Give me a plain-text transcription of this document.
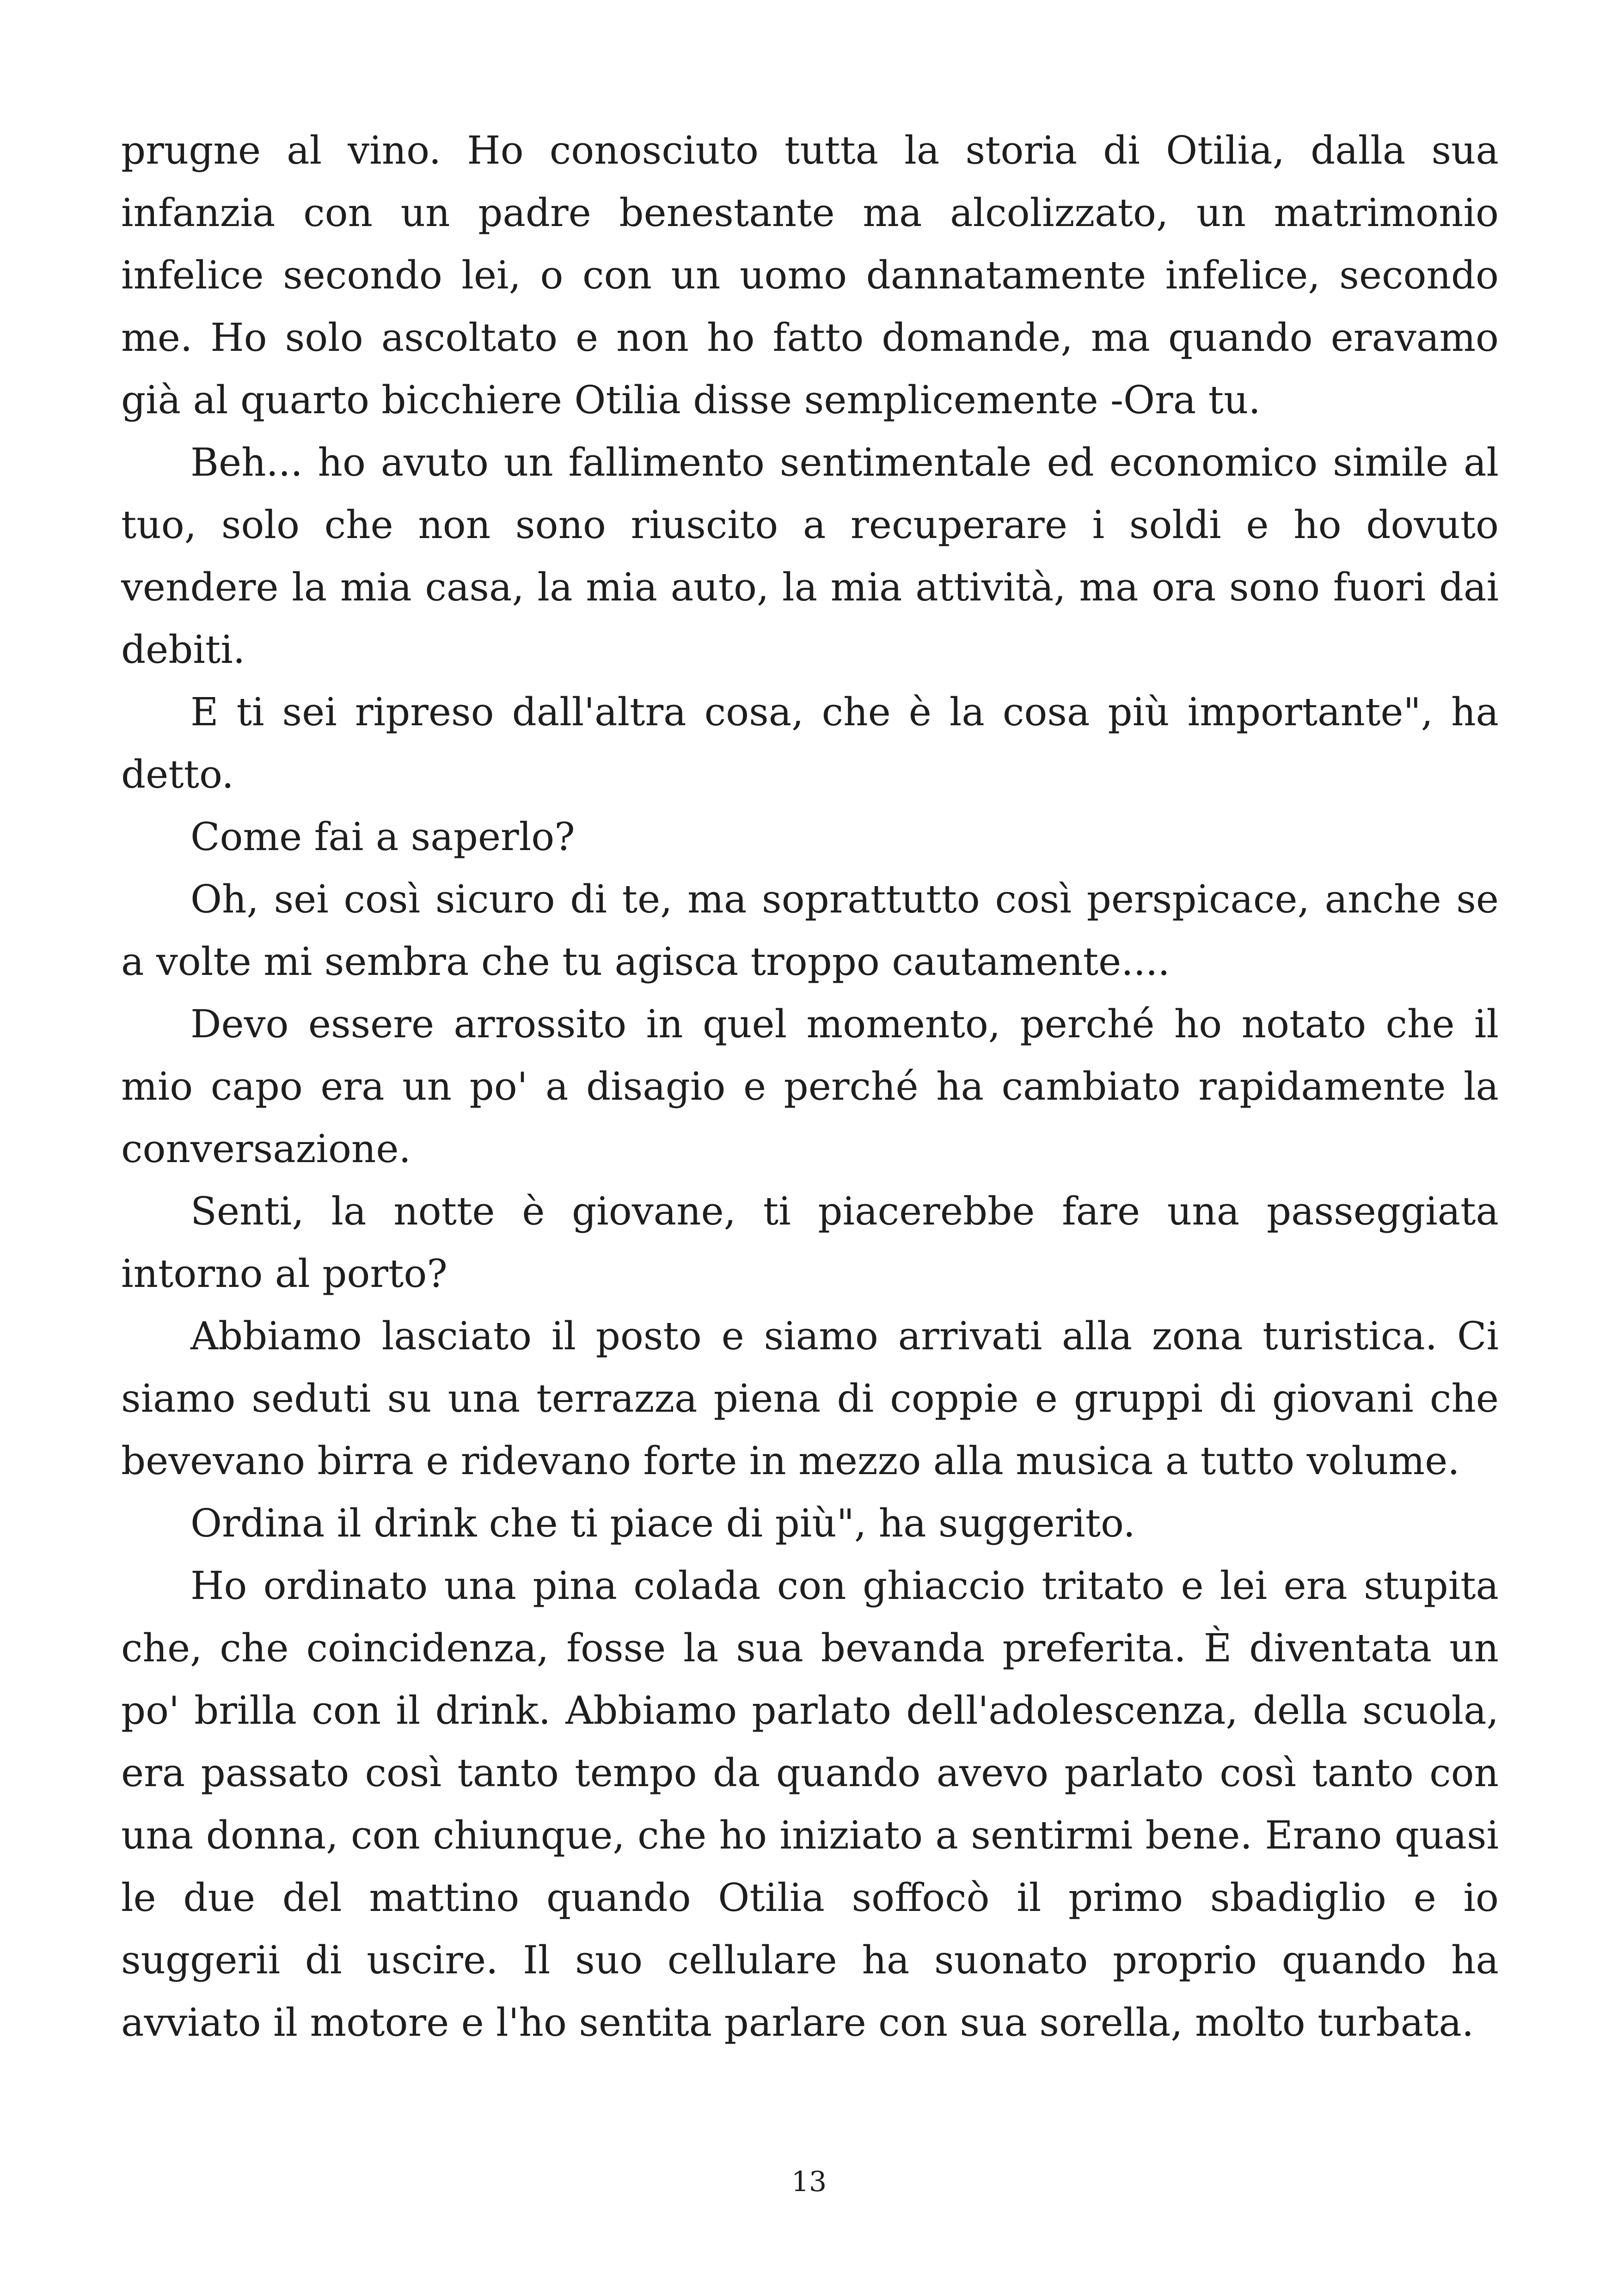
prugne al vino. Ho conosciuto tutta la storia di Otilia, dalla sua infanzia con un padre benestante ma alcolizzato, un matrimonio infelice secondo lei, o con un uomo dannatamente infelice, secondo me. Ho solo ascoltato e non ho fatto domande, ma quando eravamo già al quarto bicchiere Otilia disse semplicemente -Ora tu.

Beh... ho avuto un fallimento sentimentale ed economico simile al tuo, solo che non sono riuscito a recuperare i soldi e ho dovuto vendere la mia casa, la mia auto, la mia attività, ma ora sono fuori dai debiti.

E ti sei ripreso dall'altra cosa, che è la cosa più importante", ha detto.

Come fai a saperlo?

Oh, sei così sicuro di te, ma soprattutto così perspicace, anche se a volte mi sembra che tu agisca troppo cautamente....

Devo essere arrossito in quel momento, perché ho notato che il mio capo era un po' a disagio e perché ha cambiato rapidamente la conversazione.

Senti, la notte è giovane, ti piacerebbe fare una passeggiata intorno al porto?

Abbiamo lasciato il posto e siamo arrivati alla zona turistica. Ci siamo seduti su una terrazza piena di coppie e gruppi di giovani che bevevano birra e ridevano forte in mezzo alla musica a tutto volume.

Ordina il drink che ti piace di più", ha suggerito.

Ho ordinato una pina colada con ghiaccio tritato e lei era stupita che, che coincidenza, fosse la sua bevanda preferita. È diventata un po' brilla con il drink. Abbiamo parlato dell'adolescenza, della scuola, era passato così tanto tempo da quando avevo parlato così tanto con una donna, con chiunque, che ho iniziato a sentirmi bene. Erano quasi le due del mattino quando Otilia soffocò il primo sbadiglio e io suggerii di uscire. Il suo cellulare ha suonato proprio quando ha avviato il motore e l'ho sentita parlare con sua sorella, molto turbata.

13
